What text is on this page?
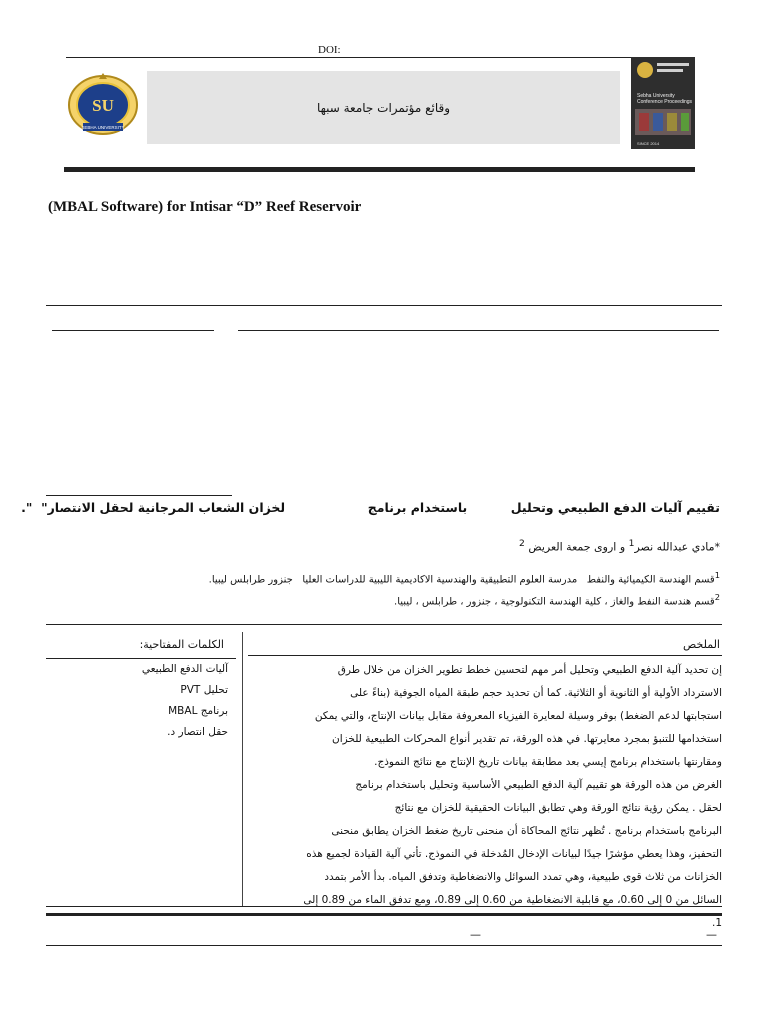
DOI:
SU
SEBHA UNIVERSITY
وقائع مؤتمرات جامعة سبها
Sebha University Conference Proceedings
SINCE 2014
(MBAL Software) for Intisar “D” Reef Reservoir
تقييم آليات الدفع الطبيعي وتحليل          باستخدام برنامج                   لخزان الشعاب المرجانية لحقل الانتصار"  ".
*مادي عبدالله نصر$^1$ و اروى جمعة العريض $^2$
$^1$قسم الهندسة الكيميائية والنفط   مدرسة العلوم التطبيقية والهندسية الاكاديمية الليبية للدراسات العليا   جنزور طرابلس ليبيا.
$^2$قسم هندسة النفط والغاز ، كلية الهندسة التكنولوجية ، جنزور ، طرابلس ، ليبيا.
الملخص
الكلمات المفتاحية:
آليات الدفع الطبيعي
تحليل PVT
برنامج MBAL
حقل انتصار د.
إن تحديد آلية الدفع الطبيعي وتحليل أمر مهم لتحسين خطط تطوير الخزان من خلال طرق
الاسترداد الأولية أو الثانوية أو الثلاثية. كما أن تحديد حجم طبقة المياه الجوفية (بناءً على
استجابتها لدعم الضغط) بوفر وسيلة لمعايرة الفيزياء المعروفة مقابل بيانات الإنتاج، والتي يمكن
استخدامها للتنبؤ بمجرد معايرتها. في هذه الورقة، تم تقدير أنواع المحركات الطبيعية للخزان
ومقارنتها باستخدام برنامج إيسي بعد مطابقة بيانات تاريخ الإنتاج مع نتائج النموذج.
الغرض من هذه الورقة هو تقييم آلية الدفع الطبيعي الأساسية وتحليل باستخدام برنامج
لحقل . يمكن رؤية نتائج الورقة وهي تطابق البيانات الحقيقية للخزان مع نتائج
البرنامج باستخدام برنامج . تُظهر نتائج المحاكاة أن منحنى تاريخ ضغط الخزان يطابق منحنى
التحفيز، وهذا يعطي مؤشرًا جيدًا لبيانات الإدخال المُدخلة في النموذج. تأتي آلية القيادة لجميع هذه
الخزانات من ثلاث قوى طبيعية، وهي تمدد السوائل والانضغاطية وتدفق المياه. بدأ الأمر بتمدد
السائل من 0 إلى 0.60، مع قابلية الانضغاطية من 0.60 إلى 0.89، ومع تدفق الماء من 0.89 إلى
1.
—	—
